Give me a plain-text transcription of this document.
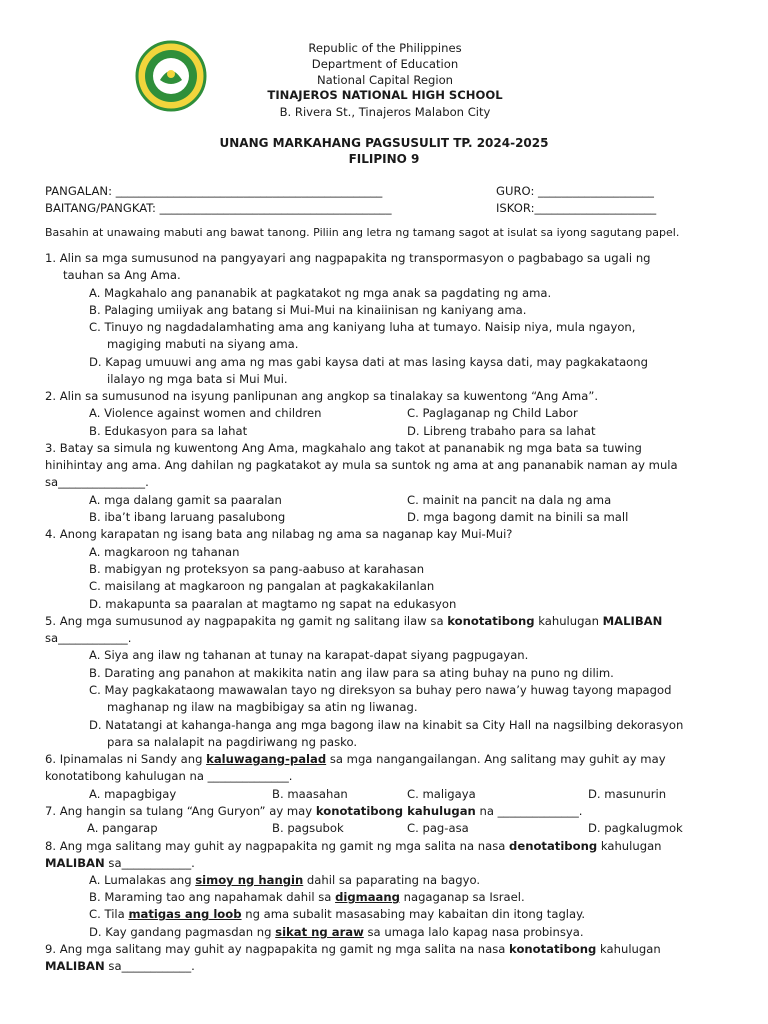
Republic of the Philippines
Department of Education
National Capital Region
TINAJEROS NATIONAL HIGH SCHOOL
B. Rivera St., Tinajeros Malabon City
UNANG MARKAHANG PAGSUSULIT TP. 2024-2025
FILIPINO 9
PANGALAN: ______________________________________________	GURO: ____________________
BAITANG/PANGKAT: ________________________________________	ISKOR:_____________________
Basahin at unawaing mabuti ang bawat tanong. Piliin ang letra ng tamang sagot at isulat sa iyong sagutang papel.
1. Alin sa mga sumusunod na pangyayari ang nagpapakita ng transpormasyon o pagbabago sa ugali ng
tauhan sa Ang Ama.
A. Magkahalo ang pananabik at pagkatakot ng mga anak sa pagdating ng ama.
B. Palaging umiiyak ang batang si Mui-Mui na kinaiinisan ng kaniyang ama.
C. Tinuyo ng nagdadalamhating ama ang kaniyang luha at tumayo. Naisip niya, mula ngayon,
magiging mabuti na siyang ama.
D. Kapag umuuwi ang ama ng mas gabi kaysa dati at mas lasing kaysa dati, may pagkakataong
ilalayo ng mga bata si Mui Mui.
2. Alin sa sumusunod na isyung panlipunan ang angkop sa tinalakay sa kuwentong “Ang Ama”.
A. Violence against women and children	C. Paglaganap ng Child Labor
B. Edukasyon para sa lahat	D. Libreng trabaho para sa lahat
3. Batay sa simula ng kuwentong Ang Ama, magkahalo ang takot at pananabik ng mga bata sa tuwing
hinihintay ang ama. Ang dahilan ng pagkatakot ay mula sa suntok ng ama at ang pananabik naman ay mula
sa_______________.
A. mga dalang gamit sa paaralan	C. mainit na pancit na dala ng ama
B. iba’t ibang laruang pasalubong	D. mga bagong damit na binili sa mall
4. Anong karapatan ng isang bata ang nilabag ng ama sa naganap kay Mui-Mui?
A. magkaroon ng tahanan
B. mabigyan ng proteksyon sa pang-aabuso at karahasan
C. maisilang at magkaroon ng pangalan at pagkakakilanlan
D. makapunta sa paaralan at magtamo ng sapat na edukasyon
5. Ang mga sumusunod ay nagpapakita ng gamit ng salitang ilaw sa konotatibong kahulugan MALIBAN
sa____________.
A. Siya ang ilaw ng tahanan at tunay na karapat-dapat siyang pagpugayan.
B. Darating ang panahon at makikita natin ang ilaw para sa ating buhay na puno ng dilim.
C. May pagkakataong mawawalan tayo ng direksyon sa buhay pero nawa’y huwag tayong mapagod
maghanap ng ilaw na magbibigay sa atin ng liwanag.
D. Natatangi at kahanga-hanga ang mga bagong ilaw na kinabit sa City Hall na nagsilbing dekorasyon
para sa nalalapit na pagdiriwang ng pasko.
6. Ipinamalas ni Sandy ang kaluwagang-palad sa mga nangangailangan. Ang salitang may guhit ay may
konotatibong kahulugan na ______________.
A. mapagbigay	B. maasahan	C. maligaya	D. masunurin
7. Ang hangin sa tulang “Ang Guryon” ay may konotatibong kahulugan na ______________.
A. pangarap	B. pagsubok	C. pag-asa	D. pagkalugmok
8. Ang mga salitang may guhit ay nagpapakita ng gamit ng mga salita na nasa denotatibong kahulugan
MALIBAN sa____________.
A. Lumalakas ang simoy ng hangin dahil sa paparating na bagyo.
B. Maraming tao ang napahamak dahil sa digmaang nagaganap sa Israel.
C. Tila matigas ang loob ng ama subalit masasabing may kabaitan din itong taglay.
D. Kay gandang pagmasdan ng sikat ng araw sa umaga lalo kapag nasa probinsya.
9. Ang mga salitang may guhit ay nagpapakita ng gamit ng mga salita na nasa konotatibong kahulugan
MALIBAN sa____________.
